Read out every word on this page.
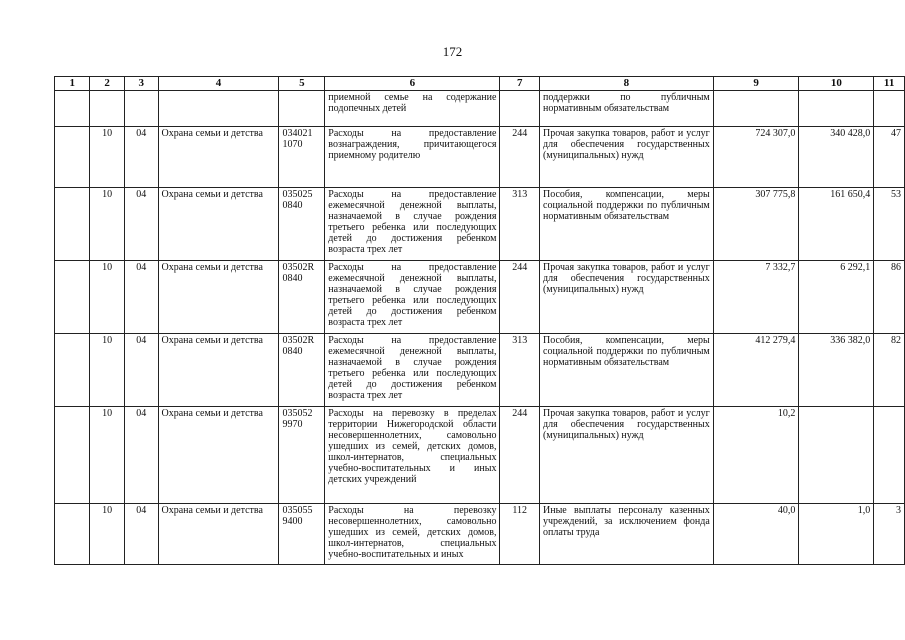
172
1	2	3	4	5	6	7	8	9	10	11
					приемной семье на содержание подопечных детей		поддержки по публичным нормативным обязательствам			
	10	04	Охрана семьи и детства	034021 1070	Расходы на предоставление вознаграждения, причитающегося приемному родителю	244	Прочая закупка товаров, работ и услуг для обеспечения государственных (муниципальных) нужд	724 307,0	340 428,0	47
	10	04	Охрана семьи и детства	035025 0840	Расходы на предоставление ежемесячной денежной выплаты, назначаемой в случае рождения третьего ребенка или последующих детей до достижения ребенком возраста трех лет	313	Пособия, компенсации, меры социальной поддержки по публичным нормативным обязательствам	307 775,8	161 650,4	53
	10	04	Охрана семьи и детства	03502R 0840	Расходы на предоставление ежемесячной денежной выплаты, назначаемой в случае рождения третьего ребенка или последующих детей до достижения ребенком возраста трех лет	244	Прочая закупка товаров, работ и услуг для обеспечения государственных (муниципальных) нужд	7 332,7	6 292,1	86
	10	04	Охрана семьи и детства	03502R 0840	Расходы на предоставление ежемесячной денежной выплаты, назначаемой в случае рождения третьего ребенка или последующих детей до достижения ребенком возраста трех лет	313	Пособия, компенсации, меры социальной поддержки по публичным нормативным обязательствам	412 279,4	336 382,0	82
	10	04	Охрана семьи и детства	035052 9970	Расходы на перевозку в пределах территории Нижегородской области несовершеннолетних, самовольно ушедших из семей, детских домов, школ-интернатов, специальных учебно-воспитательных и иных детских учреждений	244	Прочая закупка товаров, работ и услуг для обеспечения государственных (муниципальных) нужд	10,2		
	10	04	Охрана семьи и детства	035055 9400	Расходы на перевозку несовершеннолетних, самовольно ушедших из семей, детских домов, школ-интернатов, специальных учебно-воспитательных и иных	112	Иные выплаты персоналу казенных учреждений, за исключением фонда оплаты труда	40,0	1,0	3
